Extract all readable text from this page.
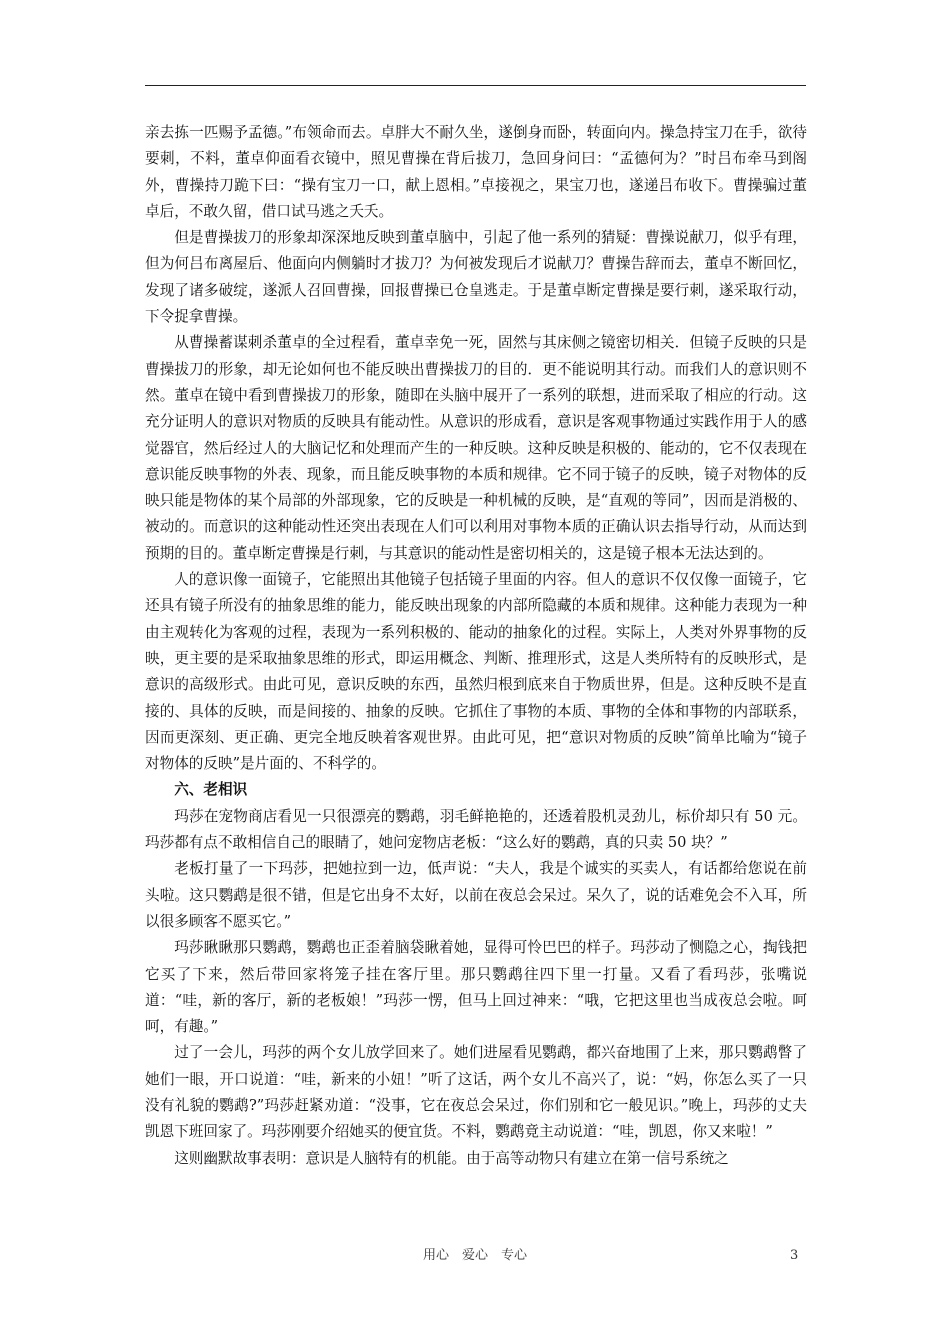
亲去拣一匹赐予孟德。”布领命而去。卓胖大不耐久坐，遂倒身而卧，转面向内。操急持宝刀在手，欲待要刺，不料，董卓仰面看衣镜中，照见曹操在背后拔刀，急回身问曰：“孟德何为？”时吕布牵马到阁外，曹操持刀跪下曰：“操有宝刀一口，献上恩相。”卓接视之，果宝刀也，遂递吕布收下。曹操骗过董卓后，不敢久留，借口试马逃之夭夭。

但是曹操拔刀的形象却深深地反映到董卓脑中，引起了他一系列的猜疑：曹操说献刀，似乎有理，但为何吕布离屋后、他面向内侧躺时才拔刀？为何被发现后才说献刀？曹操告辞而去，董卓不断回忆，发现了诸多破绽，遂派人召回曹操，回报曹操已仓皇逃走。于是董卓断定曹操是要行刺，遂采取行动，下令捉拿曹操。

从曹操蓄谋刺杀董卓的全过程看，董卓幸免一死，固然与其床侧之镜密切相关．但镜子反映的只是曹操拔刀的形象，却无论如何也不能反映出曹操拔刀的目的．更不能说明其行动。而我们人的意识则不然。董卓在镜中看到曹操拔刀的形象，随即在头脑中展开了一系列的联想，进而采取了相应的行动。这充分证明人的意识对物质的反映具有能动性。从意识的形成看，意识是客观事物通过实践作用于人的感觉器官，然后经过人的大脑记忆和处理而产生的一种反映。这种反映是积极的、能动的，它不仅表现在意识能反映事物的外表、现象，而且能反映事物的本质和规律。它不同于镜子的反映，镜子对物体的反映只能是物体的某个局部的外部现象，它的反映是一种机械的反映，是“直观的等同”，因而是消极的、被动的。而意识的这种能动性还突出表现在人们可以利用对事物本质的正确认识去指导行动，从而达到预期的目的。董卓断定曹操是行刺，与其意识的能动性是密切相关的，这是镜子根本无法达到的。

人的意识像一面镜子，它能照出其他镜子包括镜子里面的内容。但人的意识不仅仅像一面镜子，它还具有镜子所没有的抽象思维的能力，能反映出现象的内部所隐藏的本质和规律。这种能力表现为一种由主观转化为客观的过程，表现为一系列积极的、能动的抽象化的过程。实际上，人类对外界事物的反映，更主要的是采取抽象思维的形式，即运用概念、判断、推理形式，这是人类所特有的反映形式，是意识的高级形式。由此可见，意识反映的东西，虽然归根到底来自于物质世界，但是。这种反映不是直接的、具体的反映，而是间接的、抽象的反映。它抓住了事物的本质、事物的全体和事物的内部联系，因而更深刻、更正确、更完全地反映着客观世界。由此可见，把“意识对物质的反映”简单比喻为“镜子对物体的反映”是片面的、不科学的。

六、老相识

玛莎在宠物商店看见一只很漂亮的鹦鹉，羽毛鲜艳艳的，还透着股机灵劲儿，标价却只有 50 元。玛莎都有点不敢相信自己的眼睛了，她问宠物店老板：“这么好的鹦鹉，真的只卖 50 块？”

老板打量了一下玛莎，把她拉到一边，低声说：“夫人，我是个诚实的买卖人，有话都给您说在前头啦。这只鹦鹉是很不错，但是它出身不太好，以前在夜总会呆过。呆久了，说的话难免会不入耳，所以很多顾客不愿买它。”

玛莎瞅瞅那只鹦鹉，鹦鹉也正歪着脑袋瞅着她，显得可怜巴巴的样子。玛莎动了恻隐之心，掏钱把它买了下来，然后带回家将笼子挂在客厅里。那只鹦鹉往四下里一打量。又看了看玛莎，张嘴说道：“哇，新的客厅，新的老板娘！”玛莎一愣，但马上回过神来：“哦，它把这里也当成夜总会啦。呵呵，有趣。”

过了一会儿，玛莎的两个女儿放学回来了。她们进屋看见鹦鹉，都兴奋地围了上来，那只鹦鹉瞥了她们一眼，开口说道：“哇，新来的小妞！”听了这话，两个女儿不高兴了，说：“妈，你怎么买了一只没有礼貌的鹦鹉?”玛莎赶紧劝道：“没事，它在夜总会呆过，你们别和它一般见识。”晚上，玛莎的丈夫凯恩下班回家了。玛莎刚要介绍她买的便宜货。不料，鹦鹉竟主动说道：“哇，凯恩，你又来啦！”

这则幽默故事表明：意识是人脑特有的机能。由于高等动物只有建立在第一信号系统之

用心　爱心　专心	3
